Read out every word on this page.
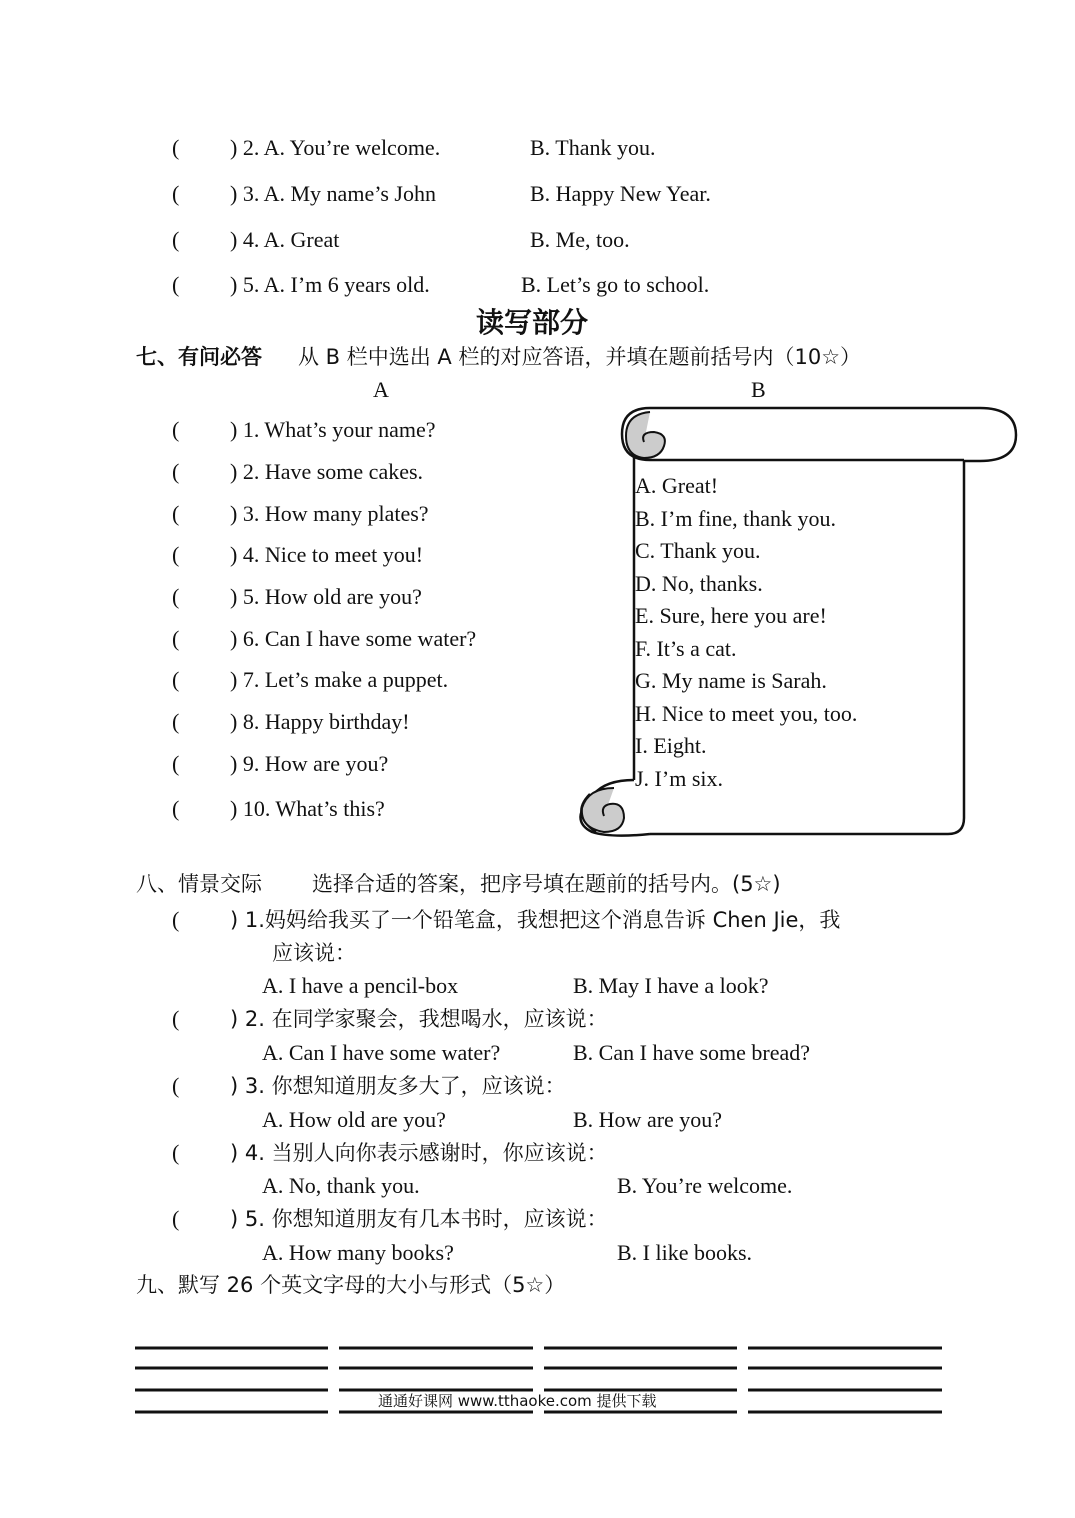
( ) 2. A. You’re welcome.	B. Thank you.
( ) 3. A. My name’s John	B. Happy New Year.
( ) 4. A. Great	B. Me, too.
( ) 5. A. I’m 6 years old.	B. Let’s go to school.
读写部分
七、有问必答 从 B 栏中选出 A 栏的对应答语，并填在题前括号内（10☆）
A	B
( ) 1. What’s your name?
( ) 2. Have some cakes.
( ) 3. How many plates?
( ) 4. Nice to meet you!
( ) 5. How old are you?
( ) 6. Can I have some water?
( ) 7. Let’s make a puppet.
( ) 8. Happy birthday!
( ) 9. How are you?
( ) 10. What’s this?
A. Great!
B. I’m fine, thank you.
C. Thank you.
D. No, thanks.
E. Sure, here you are!
F. It’s a cat.
G. My name is Sarah.
H. Nice to meet you, too.
I. Eight.
J. I’m six.
八、情景交际 选择合适的答案，把序号填在题前的括号内。(5☆)
( ) 1.妈妈给我买了一个铅笔盒，我想把这个消息告诉 Chen Jie，我
应该说：
A. I have a pencil-box	B. May I have a look?
( ) 2. 在同学家聚会，我想喝水，应该说：
A. Can I have some water?	B. Can I have some bread?
( ) 3. 你想知道朋友多大了，应该说：
A. How old are you?	B. How are you?
( ) 4. 当别人向你表示感谢时，你应该说：
A. No, thank you.	B. You’re welcome.
( ) 5. 你想知道朋友有几本书时，应该说：
A. How many books?	B. I like books.
九、默写 26 个英文字母的大小与形式（5☆）
通通好课网 www.tthaoke.com 提供下载
